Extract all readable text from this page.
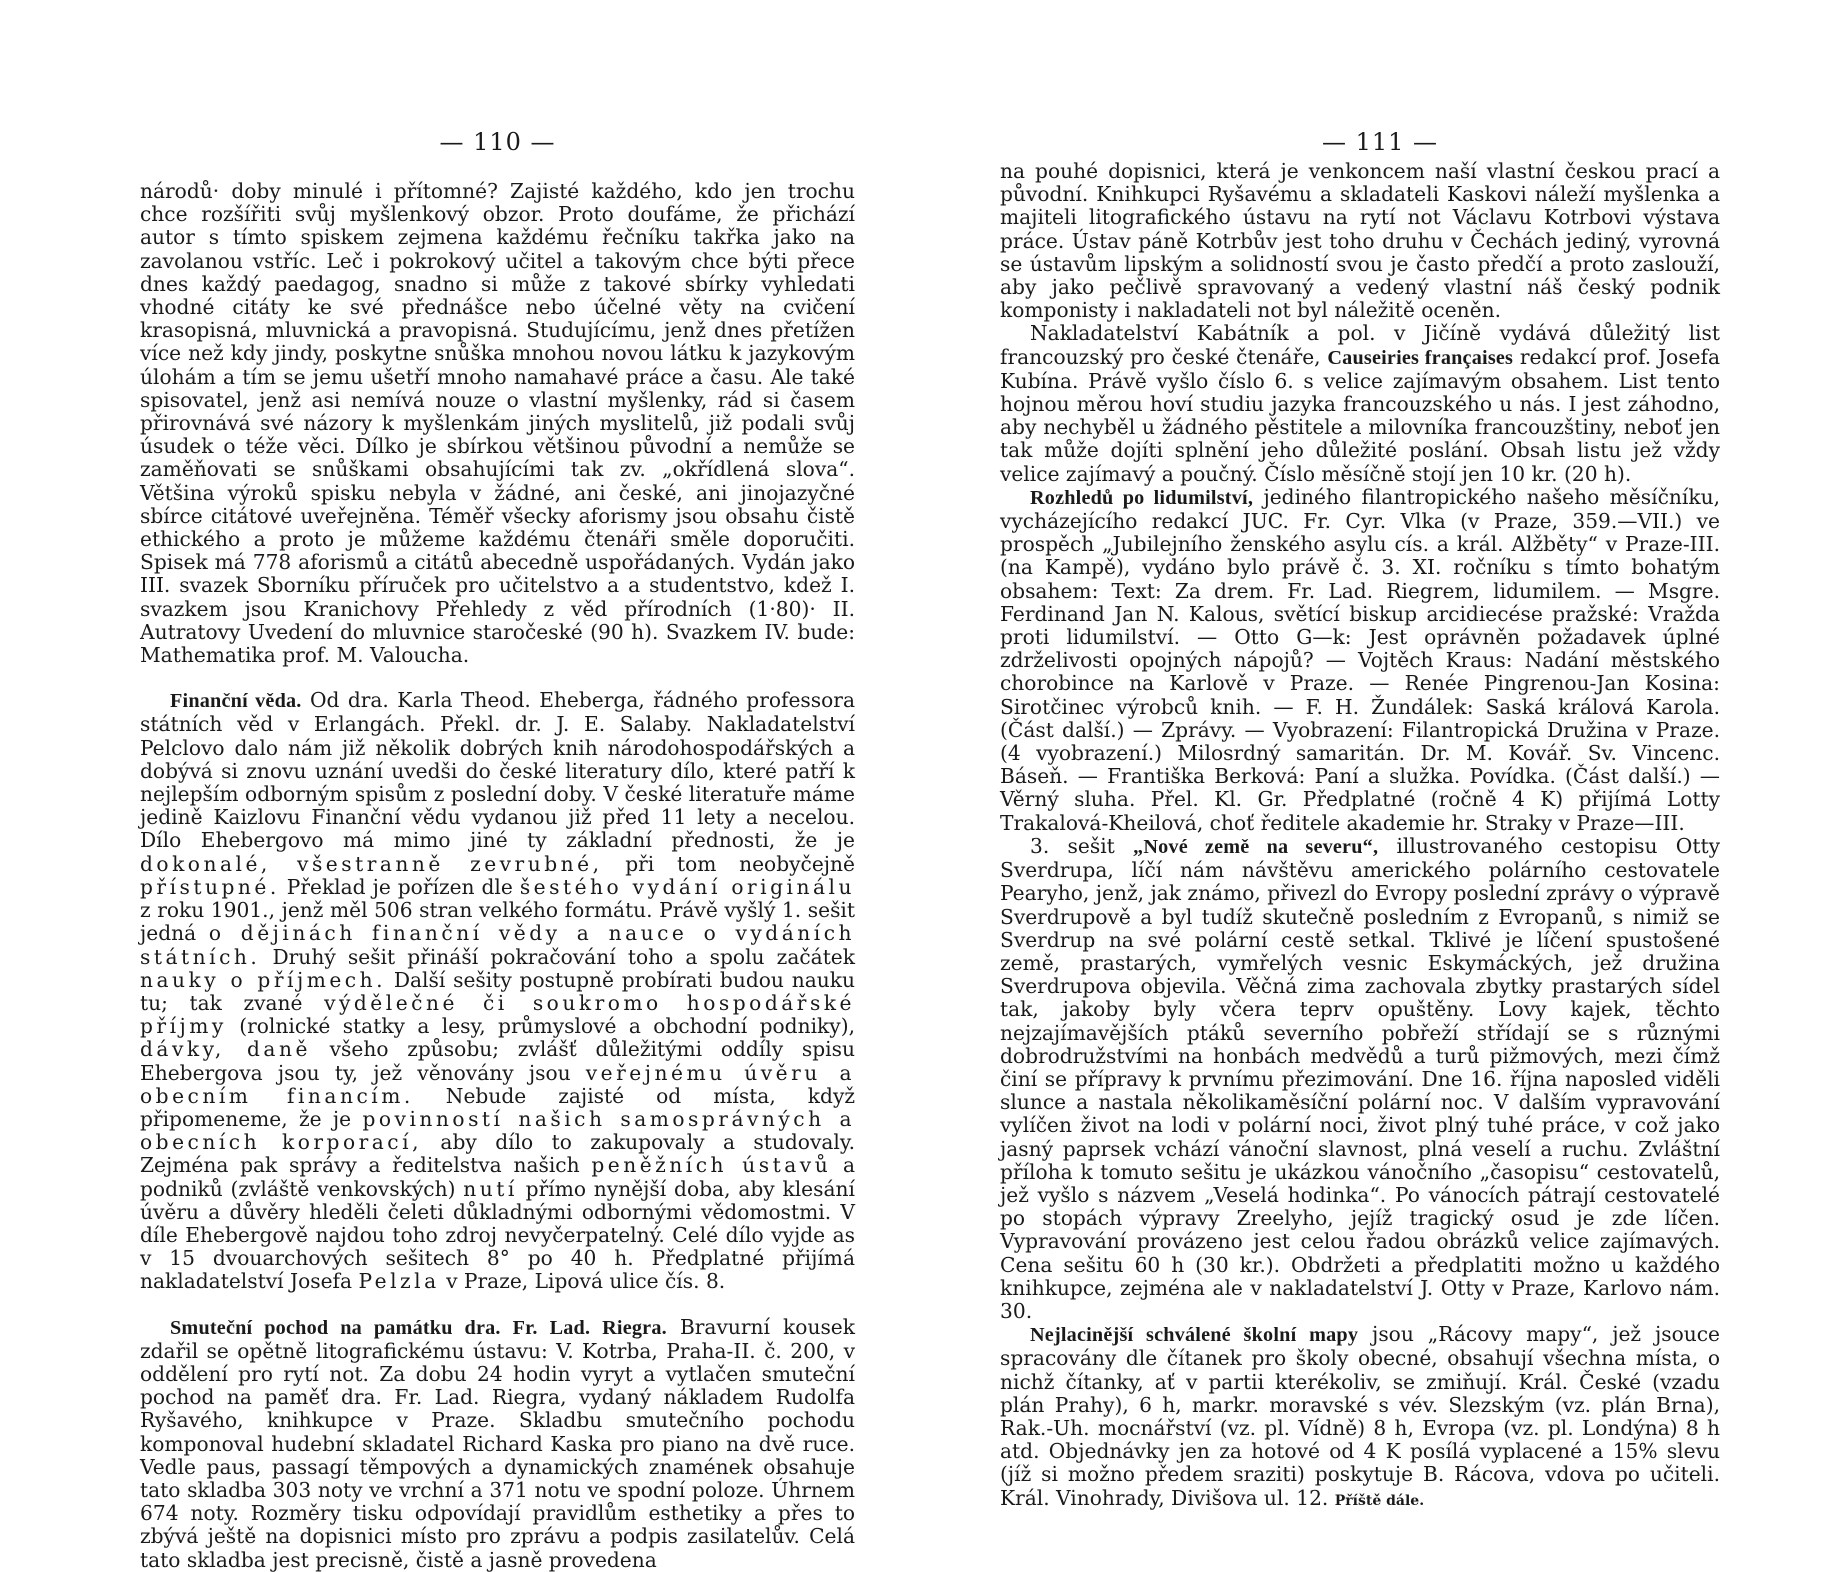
— 110 —

národů· doby minulé i přítomné? Zajisté každého, kdo jen trochu chce rozšířiti svůj myšlenkový obzor. Proto doufáme, že přichází autor s tímto spiskem zejmena každému řečníku takřka jako na zavolanou vstříc. Leč i pokrokový učitel a takovým chce býti přece dnes každý paedagog, snadno si může z takové sbírky vyhledati vhodné citáty ke své přednášce nebo účelné věty na cvičení krasopisná, mluvnická a pravopisná. Studujícímu, jenž dnes přetížen více než kdy jindy, poskytne snůška mnohou novou látku k jazykovým úlohám a tím se jemu ušetří mnoho namahavé práce a času. Ale také spisovatel, jenž asi nemívá nouze o vlastní myšlenky, rád si časem přirovnává své názory k myšlenkám jiných myslitelů, již podali svůj úsudek o téže věci. Dílko je sbírkou většinou původní a nemůže se zaměňovati se snůškami obsahujícími tak zv. „okřídlená slova“. Většina výroků spisku nebyla v žádné, ani české, ani jinojazyčné sbírce citátové uveřejněna. Téměř všecky aforismy jsou obsahu čistě ethického a proto je můžeme každému čtenáři směle doporučiti. Spisek má 778 aforismů a citátů abecedně uspořádaných. Vydán jako III. svazek Sborníku příruček pro učitelstvo a a studentstvo, kdež I. svazkem jsou Kranichovy Přehledy z věd přírodních (1·80)· II. Autratovy Uvedení do mluvnice staročeské (90 h). Svazkem IV. bude: Mathematika prof. M. Valoucha.

Finanční věda. Od dra. Karla Theod. Eheberga, řádného professora státních věd v Erlangách. Překl. dr. J. E. Salaby. Nakladatelství Pelclovo dalo nám již několik dobrých knih národohospodářských a dobývá si znovu uznání uvedši do české literatury dílo, které patří k nejlepším odborným spisům z poslední doby. V české literatuře máme jedině Kaizlovu Finanční vědu vydanou již před 11 lety a necelou. Dílo Ehebergovo má mimo jiné ty základní přednosti, že je dokonalé, všestranně zevrubné, při tom neobyčejně přístupné. Překlad je pořízen dle šestého vydání originálu z roku 1901., jenž měl 506 stran velkého formátu. Právě vyšlý 1. sešit jedná o dějinách finanční vědy a nauce o vydáních státních. Druhý sešit přináší pokračování toho a spolu začátek nauky o příjmech. Další sešity postupně probírati budou nauku tu; tak zvané výdělečné či soukromo hospodářské příjmy (rolnické statky a lesy, průmyslové a obchodní podniky), dávky, daně všeho způsobu; zvlášť důležitými oddíly spisu Ehebergova jsou ty, jež věnovány jsou veřejnému úvěru a obecním financím. Nebude zajisté od místa, když připomeneme, že je povinností našich samosprávných a obecních korporací, aby dílo to zakupovaly a studovaly. Zejména pak správy a ředitelstva našich peněžních ústavů a podniků (zvláště venkovských) nutí přímo nynější doba, aby klesání úvěru a důvěry hleděli čeleti důkladnými odbornými vědomostmi. V díle Ehebergově najdou toho zdroj nevyčerpatelný. Celé dílo vyjde as v 15 dvouarchových sešitech 8° po 40 h. Předplatné přijímá nakladatelství Josefa Pelzla v Praze, Lipová ulice čís. 8.

Smuteční pochod na památku dra. Fr. Lad. Riegra. Bravurní kousek zdařil se opětně litografickému ústavu: V. Kotrba, Praha-II. č. 200, v oddělení pro rytí not. Za dobu 24 hodin vyryt a vytlačen smuteční pochod na paměť dra. Fr. Lad. Riegra, vydaný nákladem Rudolfa Ryšavého, knihkupce v Praze. Skladbu smutečního pochodu komponoval hudební skladatel Richard Kaska pro piano na dvě ruce. Vedle paus, passagí těmpových a dynamických znamének obsahuje tato skladba 303 noty ve vrchní a 371 notu ve spodní poloze. Úhrnem 674 noty. Rozměry tisku odpovídají pravidlům esthetiky a přes to zbývá ještě na dopisnici místo pro zprávu a podpis zasilatelův. Celá tato skladba jest precisně, čistě a jasně provedena

— 111 —

na pouhé dopisnici, která je venkoncem naší vlastní českou prací a původní. Knihkupci Ryšavému a skladateli Kaskovi náleží myšlenka a majiteli litografického ústavu na rytí not Václavu Kotrbovi výstava práce. Ústav páně Kotrbův jest toho druhu v Čechách jediný, vyrovná se ústavům lipským a solidností svou je často předčí a proto zaslouží, aby jako pečlivě spravovaný a vedený vlastní náš český podnik komponisty i nakladateli not byl náležitě oceněn.

Nakladatelství Kabátník a pol. v Jičíně vydává důležitý list francouzský pro české čtenáře, Causeiries françaises redakcí prof. Josefa Kubína. Právě vyšlo číslo 6. s velice zajímavým obsahem. List tento hojnou měrou hoví studiu jazyka francouzského u nás. I jest záhodno, aby nechyběl u žádného pěstitele a milovníka francouzštiny, neboť jen tak může dojíti splnění jeho důležité poslání. Obsah listu jež vždy velice zajímavý a poučný. Číslo měsíčně stojí jen 10 kr. (20 h).

Rozhledů po lidumilství, jediného filantropického našeho měsíčníku, vycházejícího redakcí JUC. Fr. Cyr. Vlka (v Praze, 359.—VII.) ve prospěch „Jubilejního ženského asylu cís. a král. Alžběty“ v Praze-III. (na Kampě), vydáno bylo právě č. 3. XI. ročníku s tímto bohatým obsahem: Text: Za drem. Fr. Lad. Riegrem, lidumilem. — Msgre. Ferdinand Jan N. Kalous, světící biskup arcidiecése pražské: Vražda proti lidumilství. — Otto G—k: Jest oprávněn požadavek úplné zdrželivosti opojných nápojů? — Vojtěch Kraus: Nadání městského chorobince na Karlově v Praze. — Renée Pingrenou-Jan Kosina: Sirotčinec výrobců knih. — F. H. Žundálek: Saská králová Karola. (Část další.) — Zprávy. — Vyobrazení: Filantropická Družina v Praze. (4 vyobrazení.) Milosrdný samaritán. Dr. M. Kovář. Sv. Vincenc. Báseň. — Františka Berková: Paní a služka. Povídka. (Část další.) — Věrný sluha. Přel. Kl. Gr. Předplatné (ročně 4 K) přijímá Lotty Trakalová-Kheilová, choť ředitele akademie hr. Straky v Praze—III.

3. sešit „Nové země na severu“, illustrovaného cestopisu Otty Sverdrupa, líčí nám návštěvu amerického polárního cestovatele Pearyho, jenž, jak známo, přivezl do Evropy poslední zprávy o výpravě Sverdrupově a byl tudíž skutečně posledním z Evropanů, s nimiž se Sverdrup na své polární cestě setkal. Tklivé je líčení spustošené země, prastarých, vymřelých vesnic Eskymáckých, jež družina Sverdrupova objevila. Věčná zima zachovala zbytky prastarých sídel tak, jakoby byly včera teprv opuštěny. Lovy kajek, těchto nejzajímavějších ptáků severního pobřeží střídají se s různými dobrodružstvími na honbách medvědů a turů pižmových, mezi čímž činí se přípravy k prvnímu přezimování. Dne 16. října naposled viděli slunce a nastala několikaměsíční polární noc. V dalším vypravování vylíčen život na lodi v polární noci, život plný tuhé práce, v což jako jasný paprsek vchází vánoční slavnost, plná veselí a ruchu. Zvláštní příloha k tomuto sešitu je ukázkou vánočního „časopisu“ cestovatelů, jež vyšlo s názvem „Veselá hodinka“. Po vánocích pátrají cestovatelé po stopách výpravy Zreelyho, jejíž tragický osud je zde líčen. Vypravování provázeno jest celou řadou obrázků velice zajímavých. Cena sešitu 60 h (30 kr.). Obdržeti a předplatiti možno u každého knihkupce, zejména ale v nakladatelství J. Otty v Praze, Karlovo nám. 30.

Nejlacinější schválené školní mapy jsou „Rácovy mapy“, jež jsouce spracovány dle čítanek pro školy obecné, obsahují všechna místa, o nichž čítanky, ať v partii kterékoliv, se zmiňují. Král. České (vzadu plán Prahy), 6 h, markr. moravské s vév. Slezským (vz. plán Brna), Rak.-Uh. mocnářství (vz. pl. Vídně) 8 h, Evropa (vz. pl. Londýna) 8 h atd. Objednávky jen za hotové od 4 K posílá vyplacené a 15% slevu (jíž si možno předem sraziti) poskytuje B. Rácova, vdova po učiteli. Král. Vinohrady, Divišova ul. 12. Příště dále.
